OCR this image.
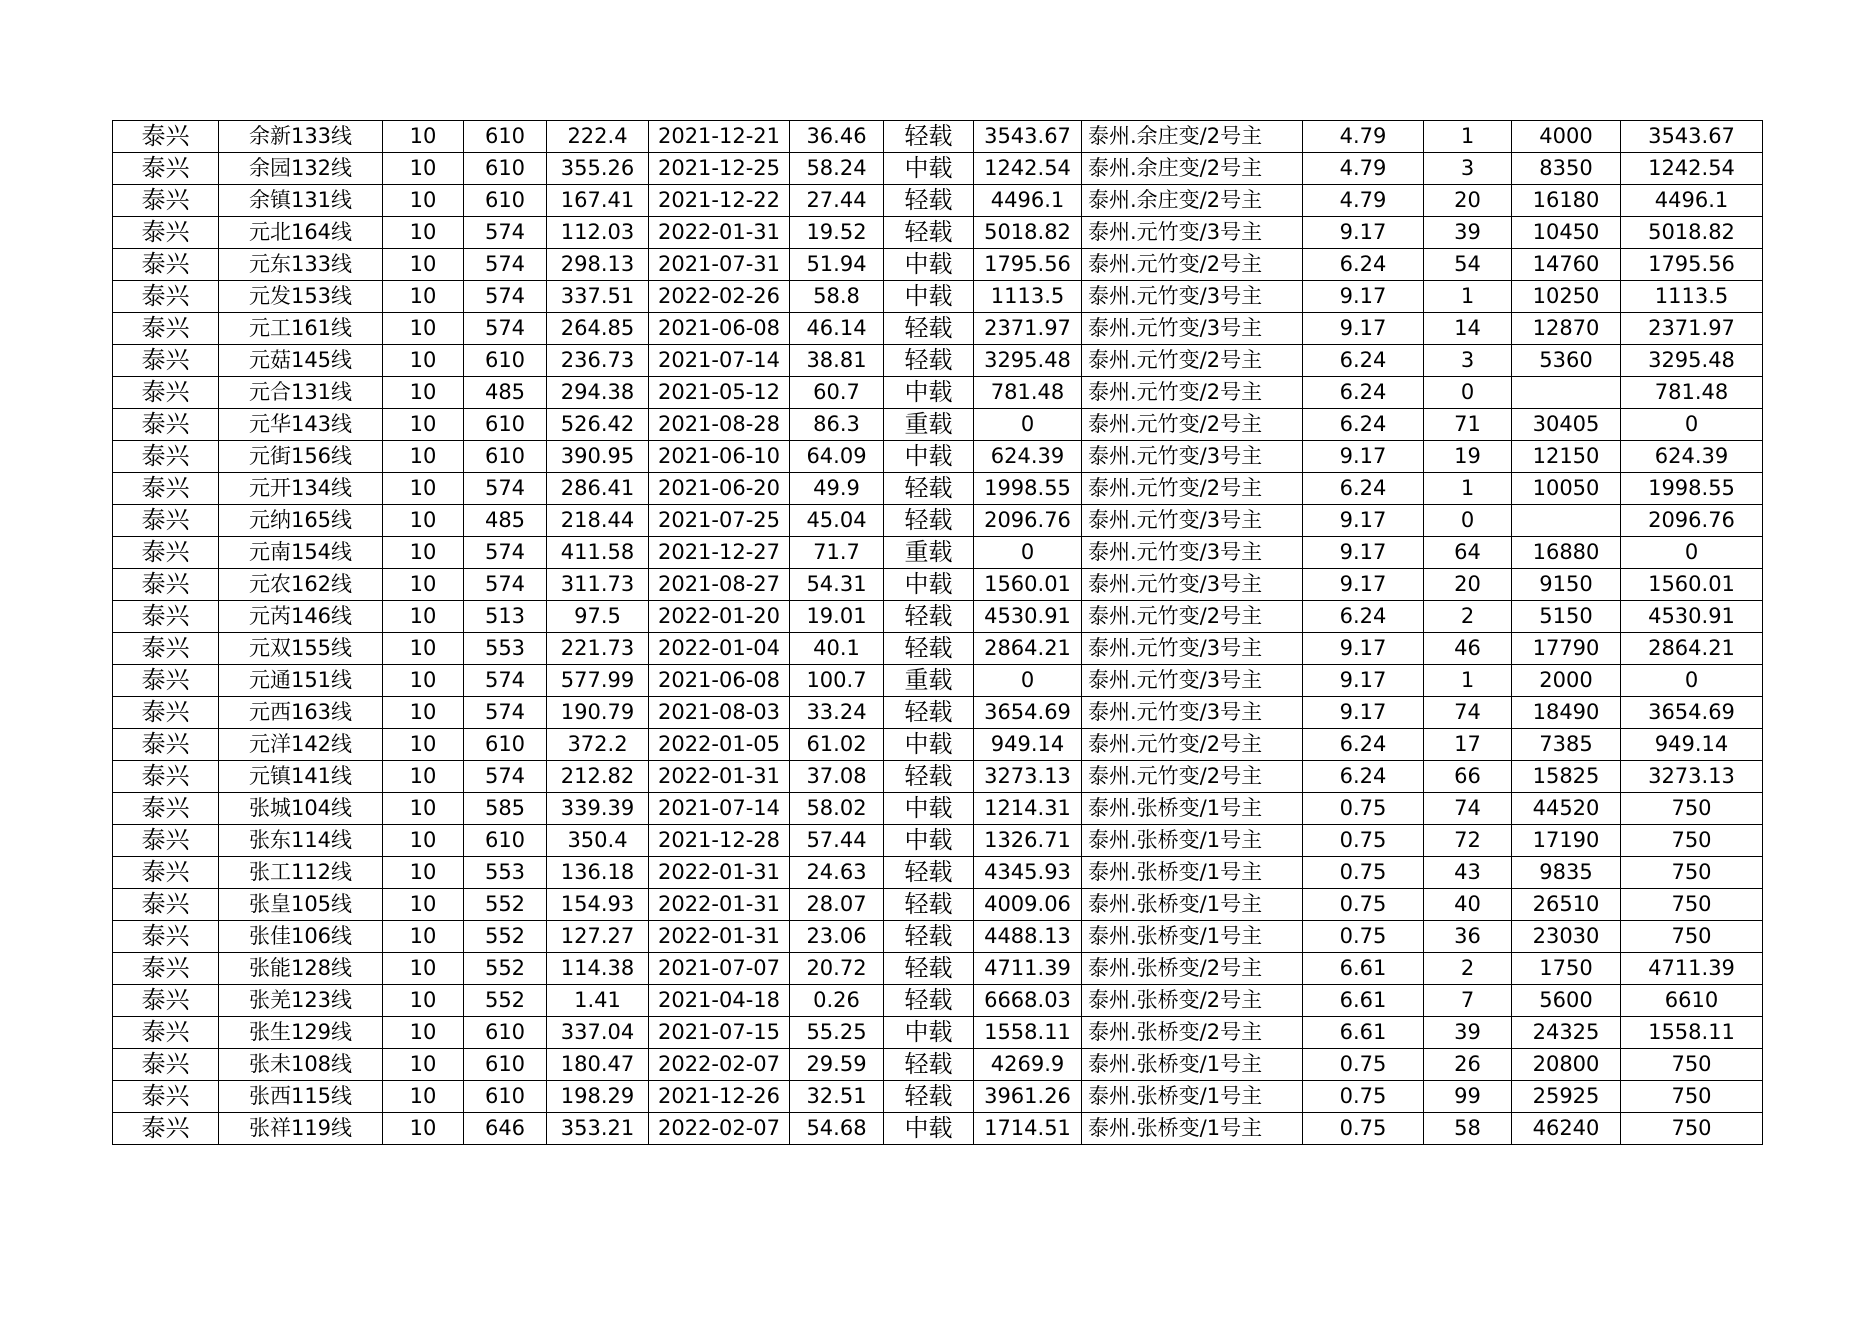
泰兴	余新133线	10	610	222.4	2021-12-21	36.46	轻载	3543.67	泰州.余庄变/2号主	4.79	1	4000	3543.67
泰兴	余园132线	10	610	355.26	2021-12-25	58.24	中载	1242.54	泰州.余庄变/2号主	4.79	3	8350	1242.54
泰兴	余镇131线	10	610	167.41	2021-12-22	27.44	轻载	4496.1	泰州.余庄变/2号主	4.79	20	16180	4496.1
泰兴	元北164线	10	574	112.03	2022-01-31	19.52	轻载	5018.82	泰州.元竹变/3号主	9.17	39	10450	5018.82
泰兴	元东133线	10	574	298.13	2021-07-31	51.94	中载	1795.56	泰州.元竹变/2号主	6.24	54	14760	1795.56
泰兴	元发153线	10	574	337.51	2022-02-26	58.8	中载	1113.5	泰州.元竹变/3号主	9.17	1	10250	1113.5
泰兴	元工161线	10	574	264.85	2021-06-08	46.14	轻载	2371.97	泰州.元竹变/3号主	9.17	14	12870	2371.97
泰兴	元菇145线	10	610	236.73	2021-07-14	38.81	轻载	3295.48	泰州.元竹变/2号主	6.24	3	5360	3295.48
泰兴	元合131线	10	485	294.38	2021-05-12	60.7	中载	781.48	泰州.元竹变/2号主	6.24	0		781.48
泰兴	元华143线	10	610	526.42	2021-08-28	86.3	重载	0	泰州.元竹变/2号主	6.24	71	30405	0
泰兴	元街156线	10	610	390.95	2021-06-10	64.09	中载	624.39	泰州.元竹变/3号主	9.17	19	12150	624.39
泰兴	元开134线	10	574	286.41	2021-06-20	49.9	轻载	1998.55	泰州.元竹变/2号主	6.24	1	10050	1998.55
泰兴	元纳165线	10	485	218.44	2021-07-25	45.04	轻载	2096.76	泰州.元竹变/3号主	9.17	0		2096.76
泰兴	元南154线	10	574	411.58	2021-12-27	71.7	重载	0	泰州.元竹变/3号主	9.17	64	16880	0
泰兴	元农162线	10	574	311.73	2021-08-27	54.31	中载	1560.01	泰州.元竹变/3号主	9.17	20	9150	1560.01
泰兴	元芮146线	10	513	97.5	2022-01-20	19.01	轻载	4530.91	泰州.元竹变/2号主	6.24	2	5150	4530.91
泰兴	元双155线	10	553	221.73	2022-01-04	40.1	轻载	2864.21	泰州.元竹变/3号主	9.17	46	17790	2864.21
泰兴	元通151线	10	574	577.99	2021-06-08	100.7	重载	0	泰州.元竹变/3号主	9.17	1	2000	0
泰兴	元西163线	10	574	190.79	2021-08-03	33.24	轻载	3654.69	泰州.元竹变/3号主	9.17	74	18490	3654.69
泰兴	元洋142线	10	610	372.2	2022-01-05	61.02	中载	949.14	泰州.元竹变/2号主	6.24	17	7385	949.14
泰兴	元镇141线	10	574	212.82	2022-01-31	37.08	轻载	3273.13	泰州.元竹变/2号主	6.24	66	15825	3273.13
泰兴	张城104线	10	585	339.39	2021-07-14	58.02	中载	1214.31	泰州.张桥变/1号主	0.75	74	44520	750
泰兴	张东114线	10	610	350.4	2021-12-28	57.44	中载	1326.71	泰州.张桥变/1号主	0.75	72	17190	750
泰兴	张工112线	10	553	136.18	2022-01-31	24.63	轻载	4345.93	泰州.张桥变/1号主	0.75	43	9835	750
泰兴	张皇105线	10	552	154.93	2022-01-31	28.07	轻载	4009.06	泰州.张桥变/1号主	0.75	40	26510	750
泰兴	张佳106线	10	552	127.27	2022-01-31	23.06	轻载	4488.13	泰州.张桥变/1号主	0.75	36	23030	750
泰兴	张能128线	10	552	114.38	2021-07-07	20.72	轻载	4711.39	泰州.张桥变/2号主	6.61	2	1750	4711.39
泰兴	张羌123线	10	552	1.41	2021-04-18	0.26	轻载	6668.03	泰州.张桥变/2号主	6.61	7	5600	6610
泰兴	张生129线	10	610	337.04	2021-07-15	55.25	中载	1558.11	泰州.张桥变/2号主	6.61	39	24325	1558.11
泰兴	张未108线	10	610	180.47	2022-02-07	29.59	轻载	4269.9	泰州.张桥变/1号主	0.75	26	20800	750
泰兴	张西115线	10	610	198.29	2021-12-26	32.51	轻载	3961.26	泰州.张桥变/1号主	0.75	99	25925	750
泰兴	张祥119线	10	646	353.21	2022-02-07	54.68	中载	1714.51	泰州.张桥变/1号主	0.75	58	46240	750
